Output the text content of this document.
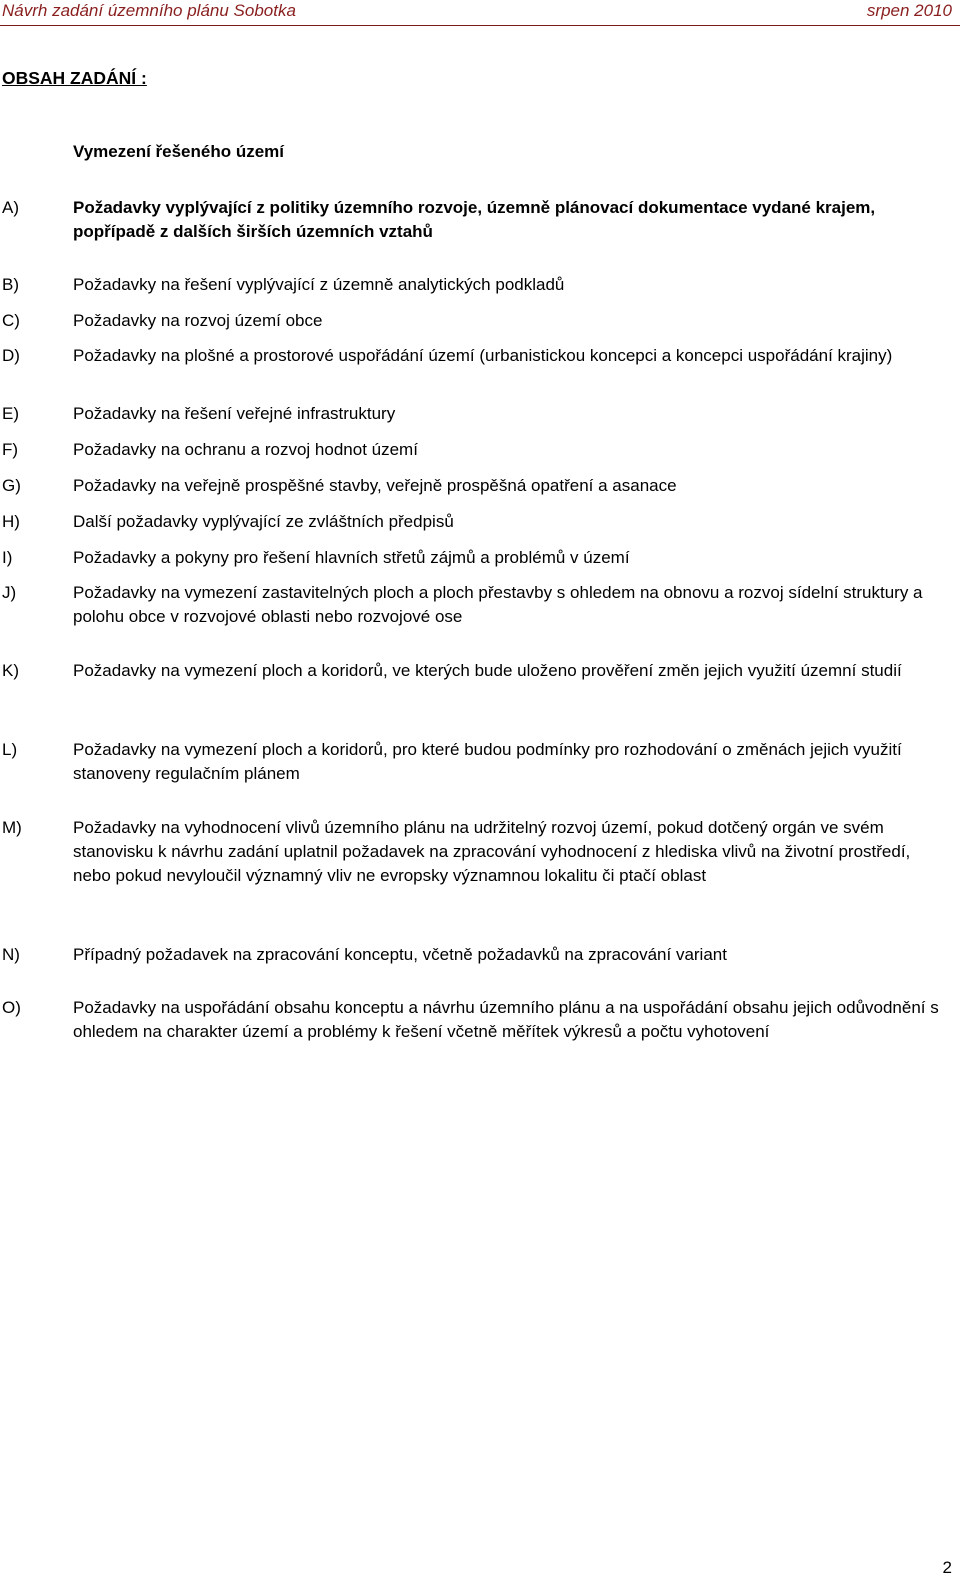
Návrh zadání územního plánu Sobotka	srpen 2010
OBSAH ZADÁNÍ :
Vymezení řešeného území
A)	Požadavky vyplývající z politiky územního rozvoje, územně plánovací dokumentace vydané krajem, popřípadě z dalších širších územních vztahů
B)	Požadavky na řešení vyplývající z územně analytických podkladů
C)	Požadavky na rozvoj území obce
D)	Požadavky na plošné a prostorové uspořádání území (urbanistickou koncepci a koncepci uspořádání krajiny)
E)	Požadavky na řešení veřejné infrastruktury
F)	Požadavky na ochranu a rozvoj hodnot území
G)	Požadavky na veřejně prospěšné stavby, veřejně prospěšná opatření a asanace
H)	Další požadavky vyplývající ze zvláštních předpisů
I)	Požadavky a pokyny pro řešení hlavních střetů zájmů a problémů v území
J)	Požadavky na vymezení zastavitelných ploch a ploch přestavby s ohledem na obnovu a rozvoj sídelní struktury a polohu obce v rozvojové oblasti nebo rozvojové ose
K)	Požadavky na vymezení ploch a koridorů, ve kterých bude uloženo prověření změn jejich využití územní studií
L)	Požadavky na vymezení ploch a koridorů, pro které budou podmínky pro rozhodování o změnách jejich využití stanoveny regulačním plánem
M)	Požadavky na vyhodnocení vlivů územního plánu na udržitelný rozvoj území, pokud dotčený orgán ve svém stanovisku k návrhu zadání uplatnil požadavek na zpracování vyhodnocení z hlediska vlivů na životní prostředí, nebo pokud nevyloučil významný vliv ne evropsky významnou lokalitu či ptačí oblast
N)	Případný požadavek na zpracování konceptu, včetně požadavků na zpracování variant
O)	Požadavky na uspořádání obsahu konceptu a návrhu územního plánu a na uspořádání obsahu jejich odůvodnění s ohledem na charakter území a problémy k řešení včetně měřítek výkresů a počtu vyhotovení
2
